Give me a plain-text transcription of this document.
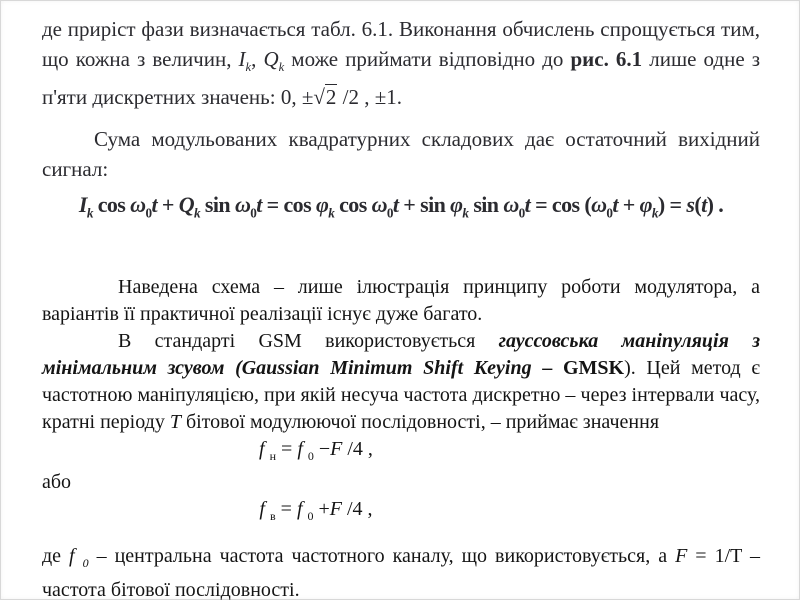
де приріст фази визначається табл. 6.1. Виконання обчислень спрощується тим, що кожна з величин, $I_k$, $Q_k$ може приймати відповідно до рис. 6.1 лише одне з п'яти дискретних значень: 0, ±√2 /2 , ±1.

Сума модульованих квадратурних складових дає остаточний вихідний сигнал:

$I_k$ $\cos \omega_0t + Q_k$ $\sin \omega_0t = \cos \varphi_k$ $\cos \omega_0t + \sin \varphi_k$ $\sin \omega_0t = \cos (\omega_0t + \varphi_k) = s(t)$ .

Наведена схема – лише ілюстрація принципу роботи модулятора, а варіантів її практичної реалізації існує дуже багато.

В стандарті GSM використовується гауссовська маніпуляція з мінімальним зсувом (Gaussian Minimum Shift Keying – GMSK). Цей метод є частотною маніпуляцією, при якій несуча частота дискретно – через інтервали часу, кратні періоду T бітової модулюючої послідовності, – приймає значення

f $_н$ = f $_0$ −F /4 ,

або

f $_в$ = f $_0$ +F /4 ,

де f $_0$ – центральна частота частотного каналу, що використовується, а F = 1/T – частота бітової послідовності.
